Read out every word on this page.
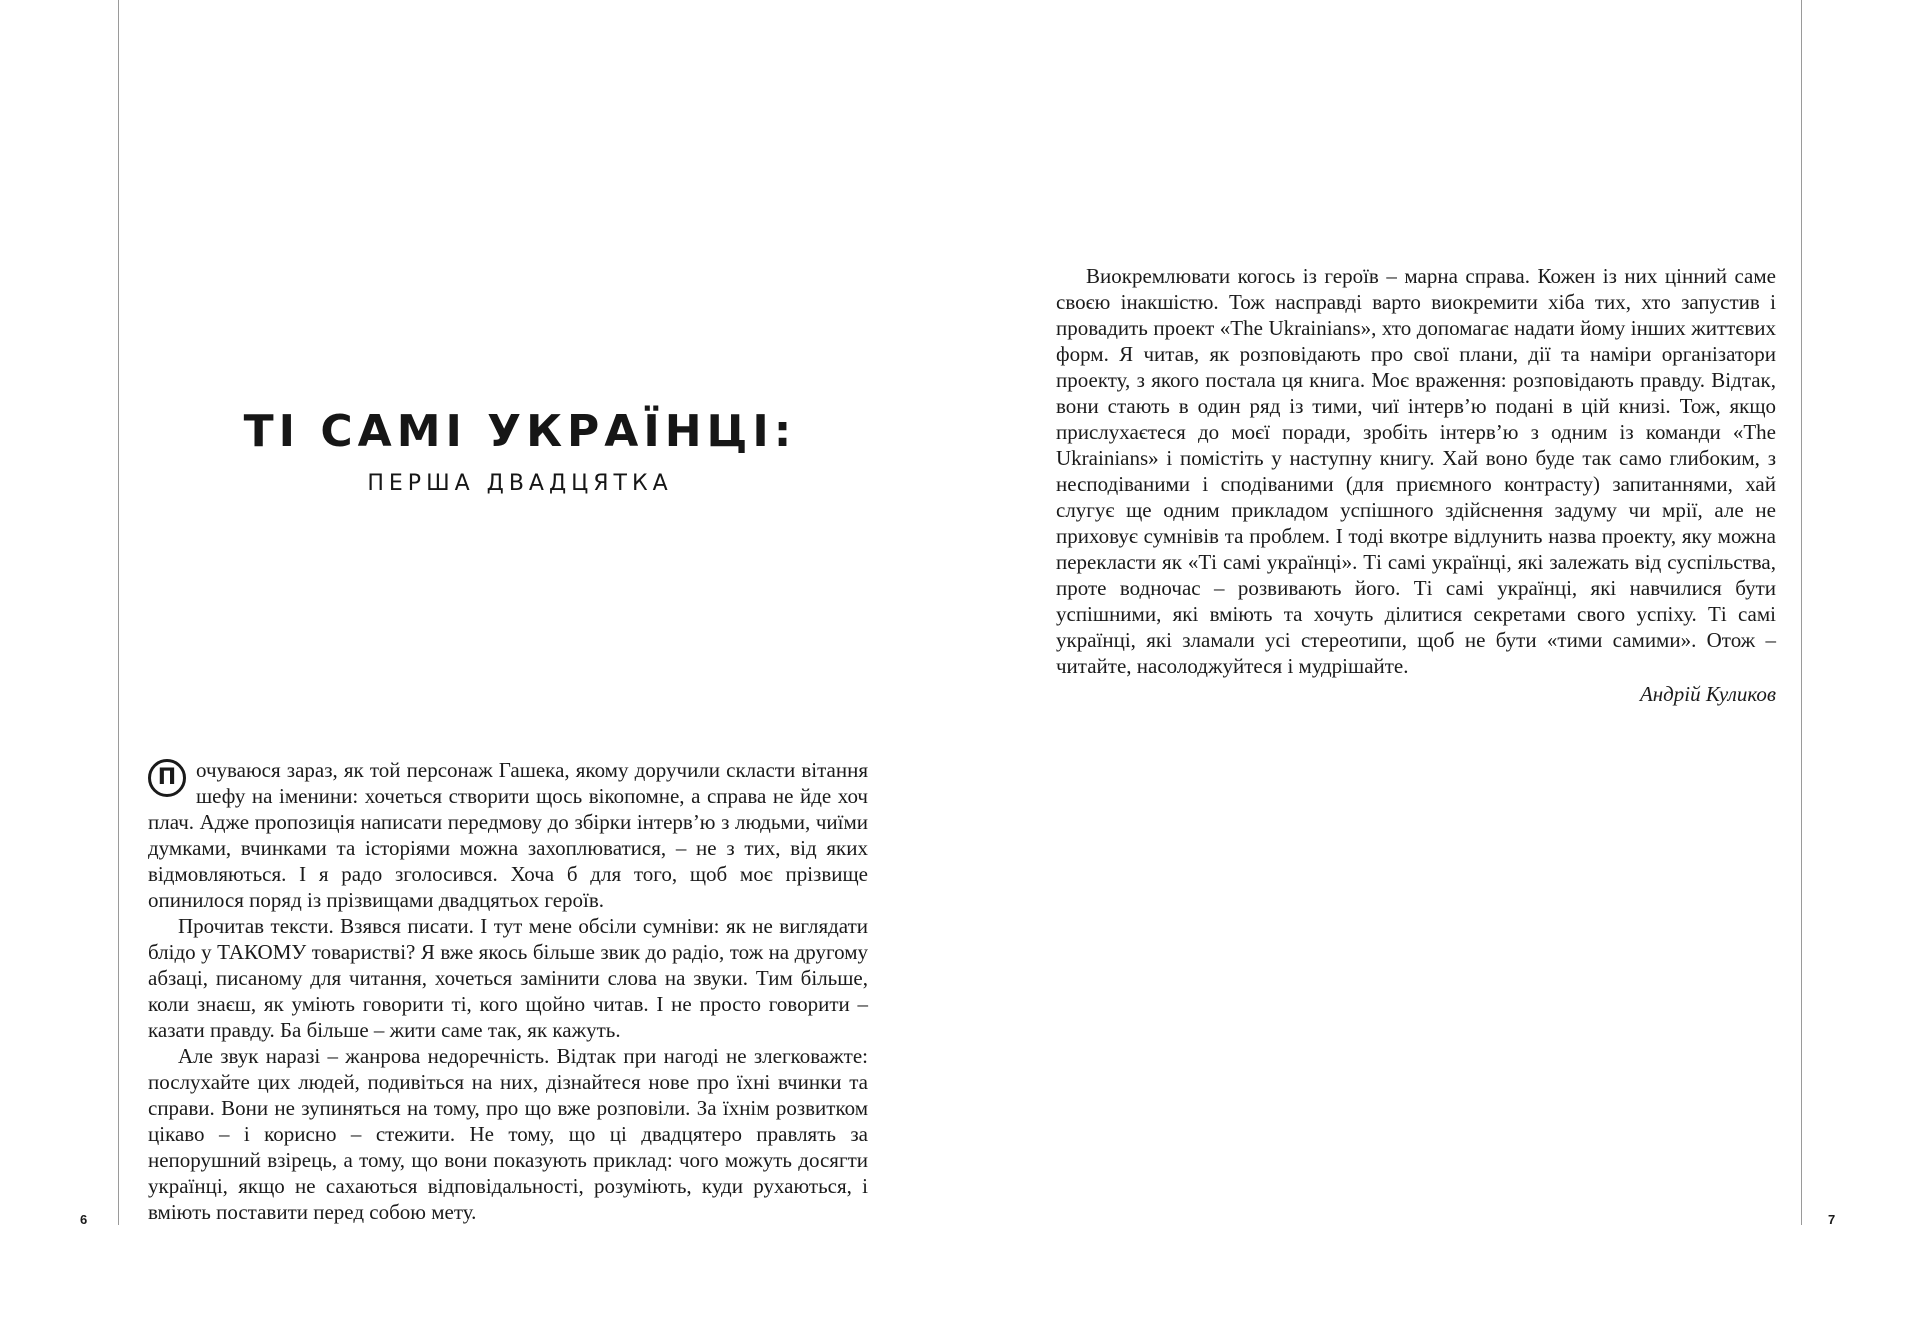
ТІ САМІ УКРАЇНЦІ:
ПЕРША ДВАДЦЯТКА

Виокремлювати когось із героїв – марна справа. Кожен із них цінний саме своєю інакшістю. Тож насправді варто виокремити хіба тих, хто запустив і провадить проект «The Ukrainians», хто допомагає надати йому інших життєвих форм. Я читав, як розповідають про свої плани, дії та наміри організатори проекту, з якого постала ця книга. Моє враження: розповідають правду. Відтак, вони стають в один ряд із тими, чиї інтерв’ю подані в цій книзі. Тож, якщо прислухаєтеся до моєї поради, зробіть інтерв’ю з одним із команди «The Ukrainians» і помістіть у наступну книгу. Хай воно буде так само глибоким, з несподіваними і сподіваними (для приємного контрасту) запитаннями, хай слугує ще одним прикладом успішного здійснення задуму чи мрії, але не приховує сумнівів та проблем. І тоді вкотре відлунить назва проекту, яку можна перекласти як «Ті самі українці». Ті самі українці, які залежать від суспільства, проте водночас – розвивають його. Ті самі українці, які навчилися бути успішними, які вміють та хочуть ділитися секретами свого успіху. Ті самі українці, які зламали усі стереотипи, щоб не бути «тими самими». Отож – читайте, насолоджуйтеся і мудрішайте.

Андрій Куликов

П очуваюся зараз, як той персонаж Гашека, якому доручили скласти вітання шефу на іменини: хочеться створити щось вікопомне, а справа не йде хоч плач. Адже пропозиція написати передмову до збірки інтерв’ю з людьми, чиїми думками, вчинками та історіями можна захоплюватися, – не з тих, від яких відмовляються. І я радо зголосився. Хоча б для того, щоб моє прізвище опинилося поряд із прізвищами двадцятьох героїв.

Прочитав тексти. Взявся писати. І тут мене обсіли сумніви: як не виглядати блідо у ТАКОМУ товаристві? Я вже якось більше звик до радіо, тож на другому абзаці, писаному для читання, хочеться замінити слова на звуки. Тим більше, коли знаєш, як уміють говорити ті, кого щойно читав. І не просто говорити – казати правду. Ба більше – жити саме так, як кажуть.

Але звук наразі – жанрова недоречність. Відтак при нагоді не злегковажте: послухайте цих людей, подивіться на них, дізнайтеся нове про їхні вчинки та справи. Вони не зупиняться на тому, про що вже розповіли. За їхнім розвитком цікаво – і корисно – стежити. Не тому, що ці двадцятеро правлять за непорушний взірець, а тому, що вони показують приклад: чого можуть досягти українці, якщо не сахаються відповідальності, розуміють, куди рухаються, і вміють поставити перед собою мету.

6	7
